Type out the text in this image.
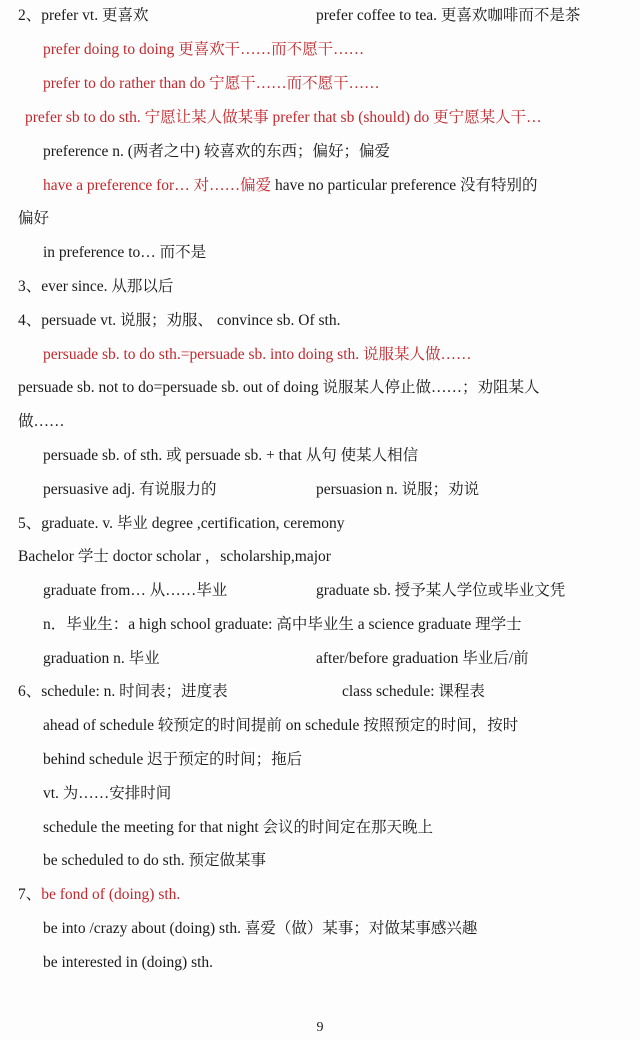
2、prefer vt. 更喜欢	prefer coffee to tea. 更喜欢咖啡而不是茶
prefer doing to doing 更喜欢干……而不愿干……
prefer to do rather than do 宁愿干……而不愿干……
prefer sb to do sth. 宁愿让某人做某事 prefer that sb (should) do 更宁愿某人干…
preference n. (两者之中) 较喜欢的东西；偏好；偏爱
have a preference for… 对……偏爱 have no particular preference 没有特别的
偏好
in preference to… 而不是
3、ever since. 从那以后
4、persuade vt. 说服；劝服、 convince sb. Of sth.
persuade sb. to do sth.=persuade sb. into doing sth. 说服某人做……
persuade sb. not to do=persuade sb. out of doing 说服某人停止做……；劝阻某人
做……
persuade sb. of sth. 或 persuade sb. + that 从句 使某人相信
persuasive adj. 有说服力的	persuasion n. 说服；劝说
5、graduate. v. 毕业 degree ,certification, ceremony
Bachelor 学士 doctor scholar ，scholarship,major
graduate from… 从……毕业	graduate sb. 授予某人学位或毕业文凭
n．毕业生：a high school graduate: 高中毕业生 a science graduate 理学士
graduation n. 毕业	after/before graduation 毕业后/前
6、schedule: n. 时间表；进度表	class schedule: 课程表
ahead of schedule 较预定的时间提前 on schedule 按照预定的时间，按时
behind schedule 迟于预定的时间；拖后
vt. 为……安排时间
schedule the meeting for that night 会议的时间定在那天晚上
be scheduled to do sth. 预定做某事
7、be fond of (doing) sth.
be into /crazy about (doing) sth. 喜爱（做）某事；对做某事感兴趣
be interested in (doing) sth.
9
